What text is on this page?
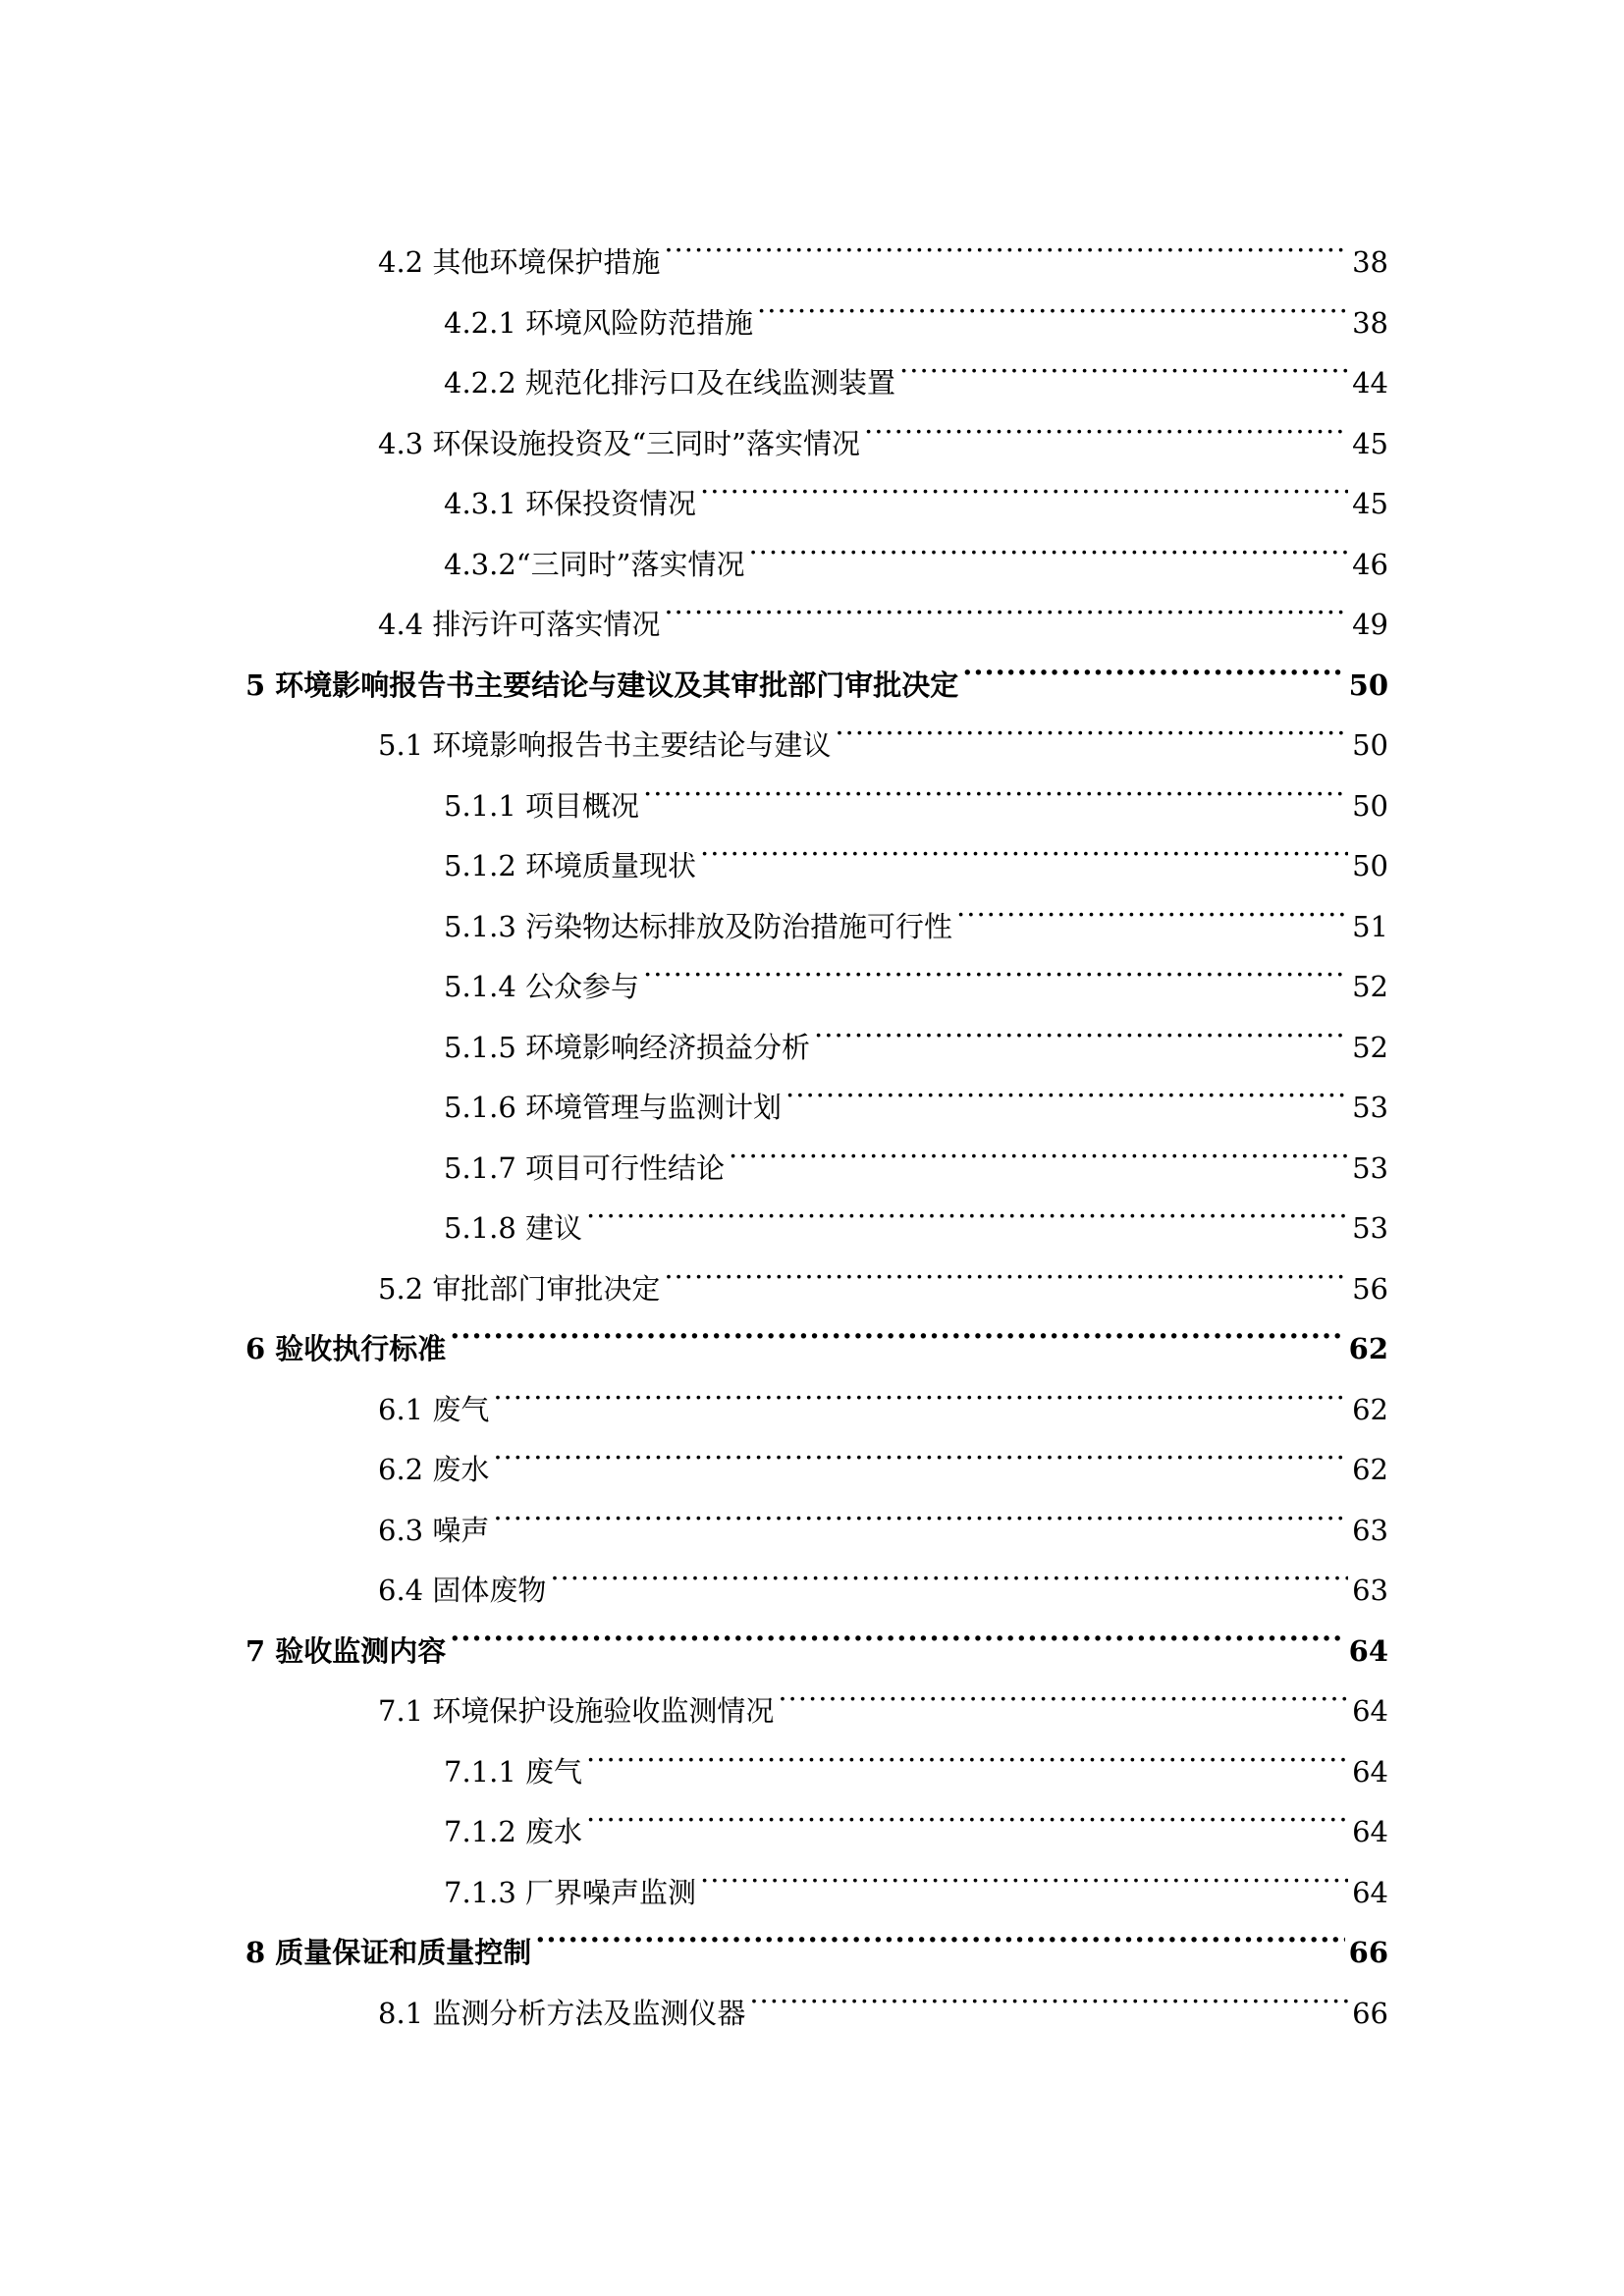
4.2 其他环境保护措施 .....	38
4.2.1 环境风险防范措施 .....	38
4.2.2 规范化排污口及在线监测装置 .....	44
4.3 环保设施投资及“三同时”落实情况 .....	45
4.3.1 环保投资情况 .....	45
4.3.2“三同时”落实情况 .....	46
4.4 排污许可落实情况 .....	49
5 环境影响报告书主要结论与建议及其审批部门审批决定 .....	50
5.1 环境影响报告书主要结论与建议 .....	50
5.1.1 项目概况 .....	50
5.1.2 环境质量现状 .....	50
5.1.3 污染物达标排放及防治措施可行性 .....	51
5.1.4 公众参与 .....	52
5.1.5 环境影响经济损益分析 .....	52
5.1.6 环境管理与监测计划 .....	53
5.1.7 项目可行性结论 .....	53
5.1.8 建议 .....	53
5.2 审批部门审批决定 .....	56
6 验收执行标准 .....	62
6.1 废气 .....	62
6.2 废水 .....	62
6.3 噪声 .....	63
6.4 固体废物 .....	63
7 验收监测内容 .....	64
7.1 环境保护设施验收监测情况 .....	64
7.1.1 废气 .....	64
7.1.2 废水 .....	64
7.1.3 厂界噪声监测 .....	64
8 质量保证和质量控制 .....	66
8.1 监测分析方法及监测仪器 .....	66
